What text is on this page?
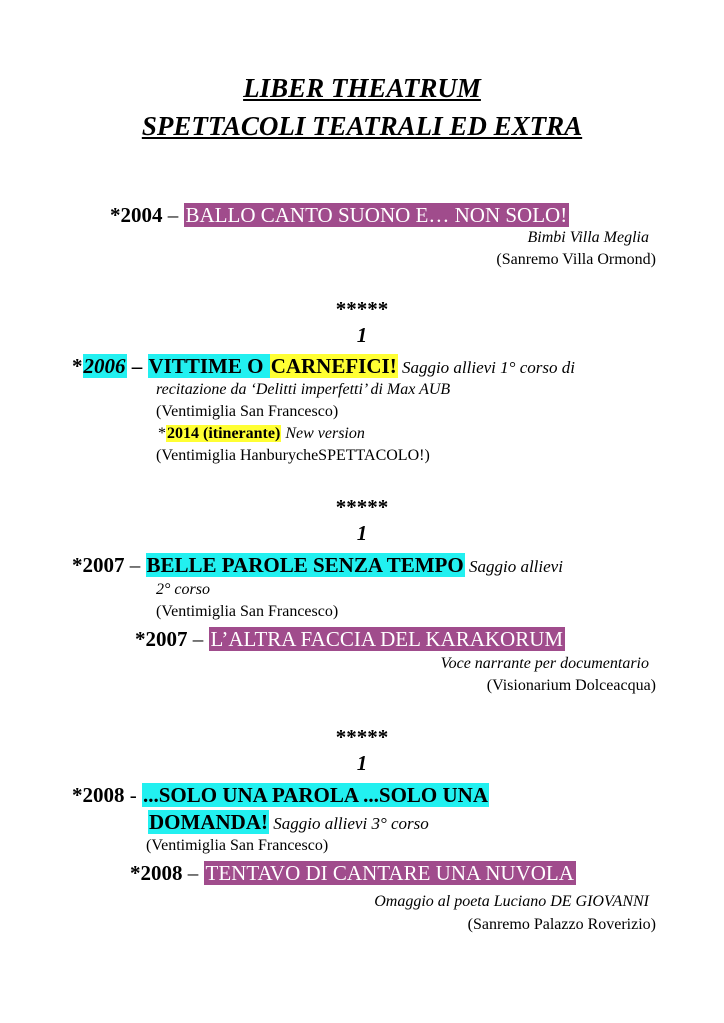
LIBER THEATRUM
SPETTACOLI TEATRALI ED EXTRA
*2004 – BALLO CANTO SUONO E… NON SOLO!
Bimbi Villa Meglia
(Sanremo Villa Ormond)
*****
1
*2006 – VITTIME O CARNEFICI! Saggio allievi 1° corso di
recitazione da ‘Delitti imperfetti’ di Max AUB
(Ventimiglia San Francesco)
*2014 (itinerante) New version
(Ventimiglia HanburycheSPETTACOLO!)
*****
1
*2007 – BELLE PAROLE SENZA TEMPO Saggio allievi
2° corso
(Ventimiglia San Francesco)
*2007 – L’ALTRA FACCIA DEL KARAKORUM
Voce narrante per documentario
(Visionarium Dolceacqua)
*****
1
*2008 - ...SOLO UNA PAROLA ...SOLO UNA
DOMANDA! Saggio allievi 3° corso
(Ventimiglia San Francesco)
*2008 – TENTAVO DI CANTARE UNA NUVOLA
Omaggio al poeta Luciano DE GIOVANNI
(Sanremo Palazzo Roverizio)
